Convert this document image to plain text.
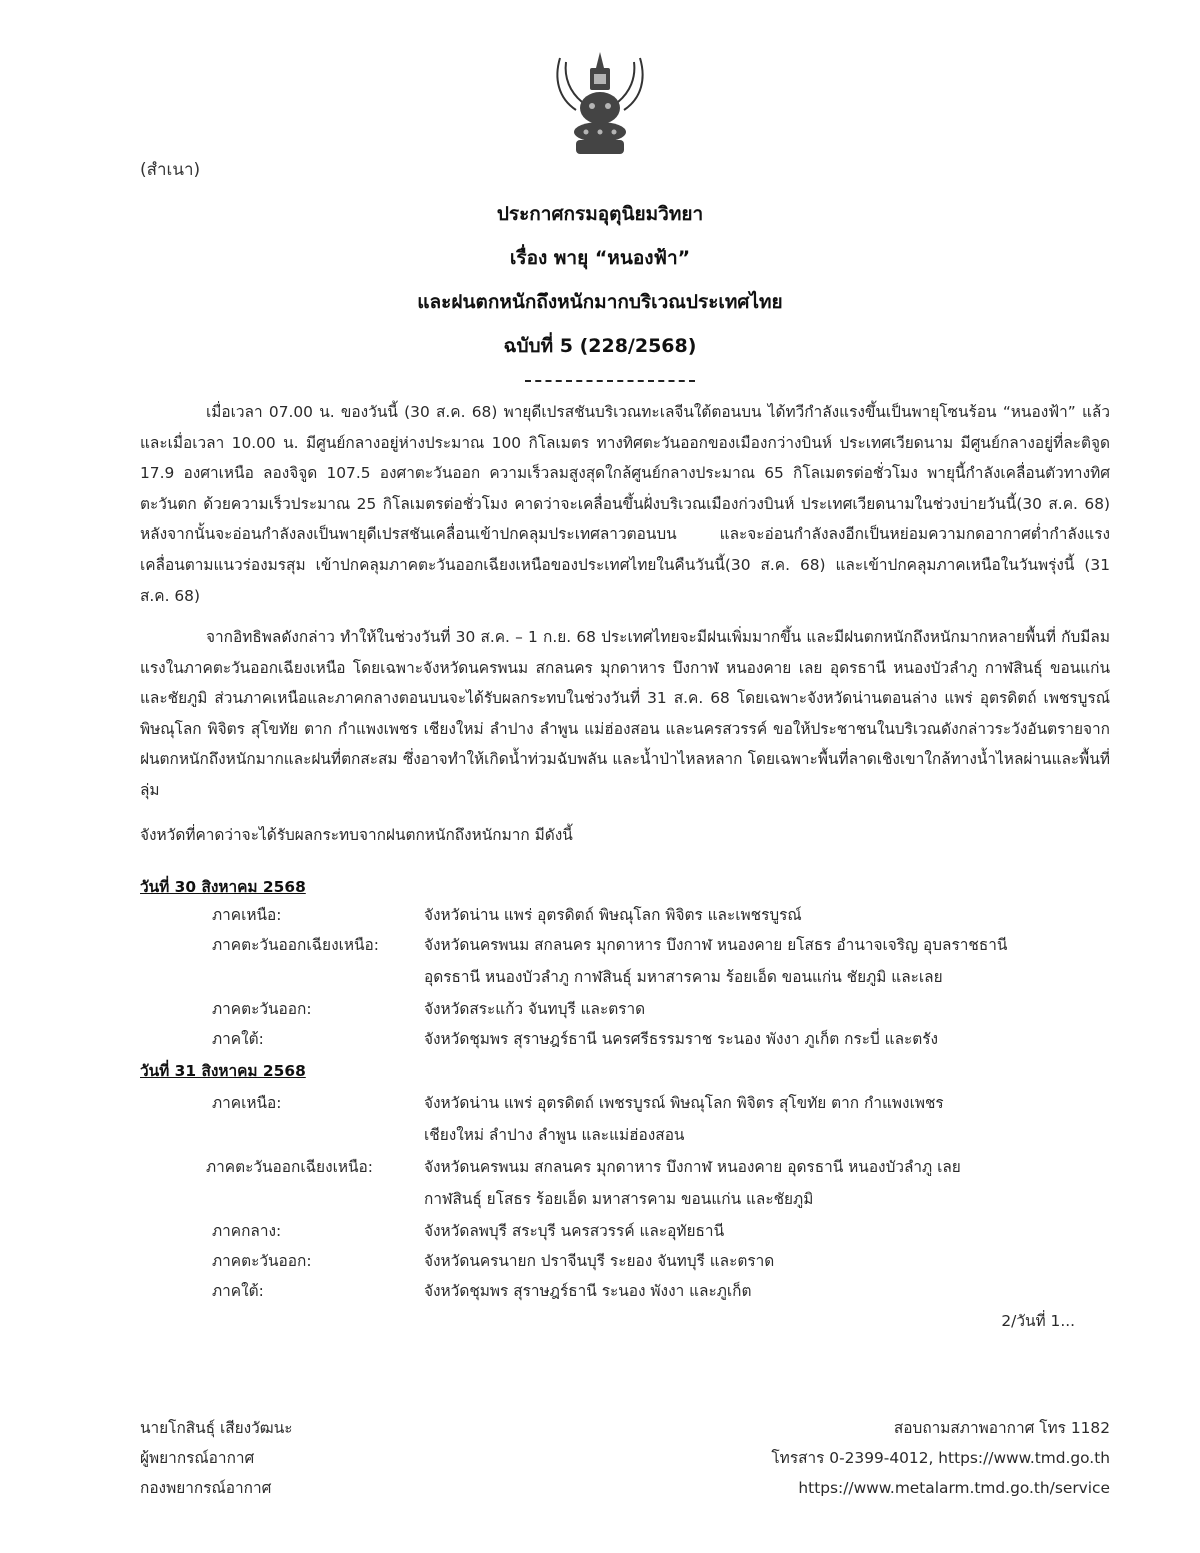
(สำเนา)
ประกาศกรมอุตุนิยมวิทยา
เรื่อง พายุ “หนองฟ้า”
และฝนตกหนักถึงหนักมากบริเวณประเทศไทย
ฉบับที่ 5 (228/2568)
เมื่อเวลา 07.00 น. ของวันนี้ (30 ส.ค. 68) พายุดีเปรสชันบริเวณทะเลจีนใต้ตอนบน ได้ทวีกำลังแรงขึ้นเป็นพายุโซนร้อน “หนองฟ้า” แล้ว และเมื่อเวลา 10.00 น. มีศูนย์กลางอยู่ห่างประมาณ 100 กิโลเมตร ทางทิศตะวันออกของเมืองกว่างบินห์ ประเทศเวียดนาม มีศูนย์กลางอยู่ที่ละติจูด 17.9 องศาเหนือ ลองจิจูด 107.5 องศาตะวันออก ความเร็วลมสูงสุดใกล้ศูนย์กลางประมาณ 65 กิโลเมตรต่อชั่วโมง พายุนี้กำลังเคลื่อนตัวทางทิศตะวันตก ด้วยความเร็วประมาณ 25 กิโลเมตรต่อชั่วโมง คาดว่าจะเคลื่อนขึ้นฝั่งบริเวณเมืองก่วงบินห์ ประเทศเวียดนามในช่วงบ่ายวันนี้(30 ส.ค. 68) หลังจากนั้นจะอ่อนกำลังลงเป็นพายุดีเปรสชันเคลื่อนเข้าปกคลุมประเทศลาวตอนบน และจะอ่อนกำลังลงอีกเป็นหย่อมความกดอากาศต่ำกำลังแรงเคลื่อนตามแนวร่องมรสุม เข้าปกคลุมภาคตะวันออกเฉียงเหนือของประเทศไทยในคืนวันนี้(30 ส.ค. 68) และเข้าปกคลุมภาคเหนือในวันพรุ่งนี้ (31 ส.ค. 68)
จากอิทธิพลดังกล่าว ทำให้ในช่วงวันที่ 30 ส.ค. – 1 ก.ย. 68 ประเทศไทยจะมีฝนเพิ่มมากขึ้น และมีฝนตกหนักถึงหนักมากหลายพื้นที่ กับมีลมแรงในภาคตะวันออกเฉียงเหนือ โดยเฉพาะจังหวัดนครพนม สกลนคร มุกดาหาร บึงกาฬ หนองคาย เลย อุดรธานี หนองบัวลำภู กาฬสินธุ์ ขอนแก่น และชัยภูมิ ส่วนภาคเหนือและภาคกลางตอนบนจะได้รับผลกระทบในช่วงวันที่ 31 ส.ค. 68 โดยเฉพาะจังหวัดน่านตอนล่าง แพร่ อุตรดิตถ์ เพชรบูรณ์ พิษณุโลก พิจิตร สุโขทัย ตาก กำแพงเพชร เชียงใหม่ ลำปาง ลำพูน แม่ฮ่องสอน และนครสวรรค์ ขอให้ประชาชนในบริเวณดังกล่าวระวังอันตรายจากฝนตกหนักถึงหนักมากและฝนที่ตกสะสม ซึ่งอาจทำให้เกิดน้ำท่วมฉับพลัน และน้ำป่าไหลหลาก โดยเฉพาะพื้นที่ลาดเชิงเขาใกล้ทางน้ำไหลผ่านและพื้นที่ลุ่ม
จังหวัดที่คาดว่าจะได้รับผลกระทบจากฝนตกหนักถึงหนักมาก มีดังนี้
วันที่ 30 สิงหาคม 2568
ภาคเหนือ:	จังหวัดน่าน แพร่ อุตรดิตถ์ พิษณุโลก พิจิตร และเพชรบูรณ์
ภาคตะวันออกเฉียงเหนือ:	จังหวัดนครพนม สกลนคร มุกดาหาร บึงกาฬ หนองคาย ยโสธร อำนาจเจริญ อุบลราชธานี
อุดรธานี หนองบัวลำภู กาฬสินธุ์ มหาสารคาม ร้อยเอ็ด ขอนแก่น ชัยภูมิ และเลย
ภาคตะวันออก:	จังหวัดสระแก้ว จันทบุรี และตราด
ภาคใต้:	จังหวัดชุมพร สุราษฎร์ธานี นครศรีธรรมราช ระนอง พังงา ภูเก็ต กระบี่ และตรัง
วันที่ 31 สิงหาคม 2568
ภาคเหนือ:	จังหวัดน่าน แพร่ อุตรดิตถ์ เพชรบูรณ์ พิษณุโลก พิจิตร สุโขทัย ตาก กำแพงเพชร
เชียงใหม่ ลำปาง ลำพูน และแม่ฮ่องสอน
ภาคตะวันออกเฉียงเหนือ:	จังหวัดนครพนม สกลนคร มุกดาหาร บึงกาฬ หนองคาย อุดรธานี หนองบัวลำภู เลย
กาฬสินธุ์ ยโสธร ร้อยเอ็ด มหาสารคาม ขอนแก่น และชัยภูมิ
ภาคกลาง:	จังหวัดลพบุรี สระบุรี นครสวรรค์ และอุทัยธานี
ภาคตะวันออก:	จังหวัดนครนายก ปราจีนบุรี ระยอง จันทบุรี และตราด
ภาคใต้:	จังหวัดชุมพร สุราษฎร์ธานี ระนอง พังงา และภูเก็ต
2/วันที่ 1...
นายโกสินธุ์ เสียงวัฒนะ
ผู้พยากรณ์อากาศ
กองพยากรณ์อากาศ
สอบถามสภาพอากาศ โทร 1182
โทรสาร 0-2399-4012, https://www.tmd.go.th
https://www.metalarm.tmd.go.th/service
